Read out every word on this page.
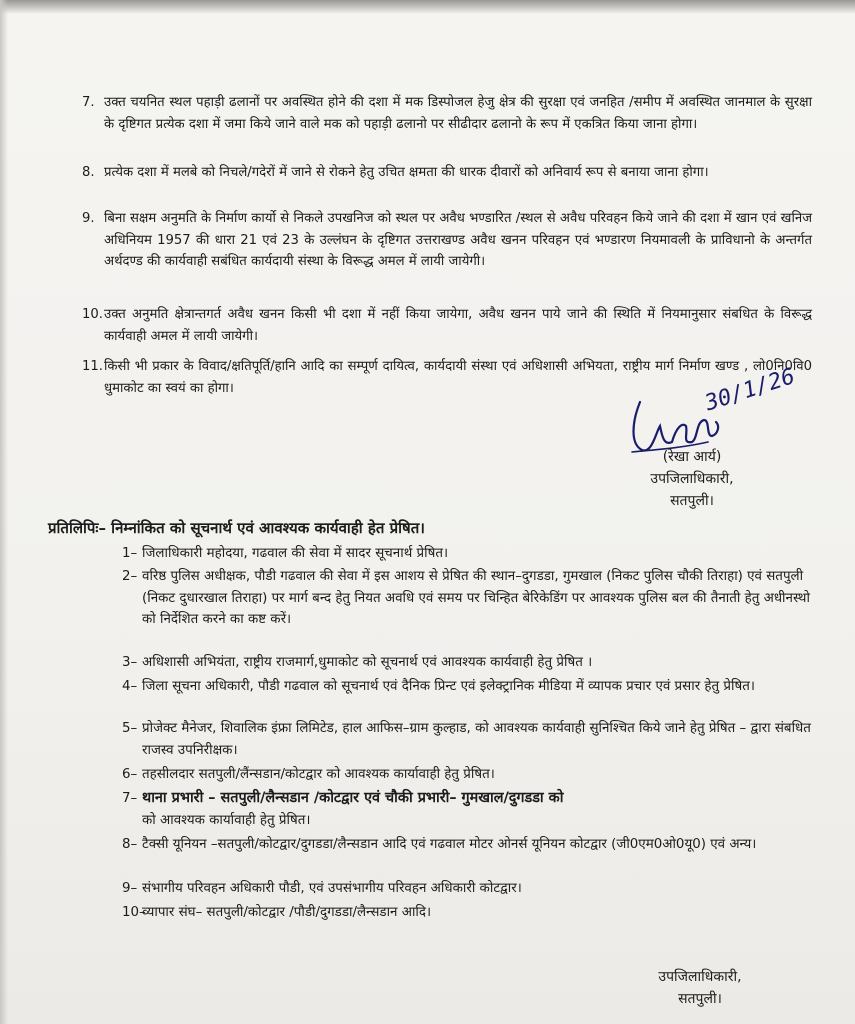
7. उक्त चयनित स्थल पहाड़ी ढलानों पर अवस्थित होने की दशा में मक डिस्पोजल हेजु क्षेत्र की सुरक्षा एवं जनहित /समीप में अवस्थित जानमाल के सुरक्षा के दृष्टिगत प्रत्येक दशा में जमा किये जाने वाले मक को पहाड़ी ढलानो पर सीढीदार ढलानो के रूप में एकत्रित किया जाना होगा।
8. प्रत्येक दशा में मलबे को निचले/गदेरों में जाने से रोकने हेतु उचित क्षमता की धारक दीवारों को अनिवार्य रूप से बनाया जाना होगा।
9. बिना सक्षम अनुमति के निर्माण कार्यो से निकले उपखनिज को स्थल पर अवैध भण्डारित /स्थल से अवैध परिवहन किये जाने की दशा में खान एवं खनिज अधिनियम 1957 की धारा 21 एवं 23 के उल्लंघन के दृष्टिगत उत्तराखण्ड अवैध खनन परिवहन एवं भण्डारण नियमावली के प्राविधानो के अन्तर्गत अर्थदण्ड की कार्यवाही सबंधित कार्यदायी संस्था के विरूद्ध अमल में लायी जायेगी।
10. उक्त अनुमति क्षेत्रान्तगर्त अवैध खनन किसी भी दशा में नहीं किया जायेगा, अवैध खनन पाये जाने की स्थिति में नियमानुसार संबधित के विरूद्ध कार्यवाही अमल में लायी जायेगी।
11. किसी भी प्रकार के विवाद/क्षतिपूर्ति/हानि आदि का सम्पूर्ण दायित्व, कार्यदायी संस्था एवं अधिशासी अभियता, राष्ट्रीय मार्ग निर्माण खण्ड , लो0नि0वि0 धुमाकोट का स्वयं का होगा।	30/1/26
(रेखा आर्य)
उपजिलाधिकारी,
सतपुली।
प्रतिलिपिः– निम्नांकित को सूचनार्थ एवं आवश्यक कार्यवाही हेत प्रेषित।
1– जिलाधिकारी महोदया, गढवाल की सेवा में सादर सूचनार्थ प्रेषित।
2– वरिष्ठ पुलिस अधीक्षक, पौडी गढवाल की सेवा में इस आशय से प्रेषित की स्थान–दुगडडा, गुमखाल (निकट पुलिस चौकी तिराहा) एवं सतपुली (निकट दुधारखाल तिराहा) पर मार्ग बन्द हेतु नियत अवधि एवं समय पर चिन्हित बेरिकेडिंग पर आवश्यक पुलिस बल की तैनाती हेतु अधीनस्थो को निर्देशित करने का कष्ट करें।
3– अधिशासी अभियंता, राष्ट्रीय राजमार्ग,धुमाकोट को सूचनार्थ एवं आवश्यक कार्यवाही हेतु प्रेषित ।
4– जिला सूचना अधिकारी, पौडी गढवाल को सूचनार्थ एवं दैनिक प्रिन्ट एवं इलेक्ट्रानिक मीडिया में व्यापक प्रचार एवं प्रसार हेतु प्रेषित।
5– प्रोजेक्ट मैनेजर, शिवालिक इंफ्रा लिमिटेड, हाल आफिस–ग्राम कुल्हाड, को आवश्यक कार्यवाही सुनिश्चित किये जाने हेतु प्रेषित – द्वारा संबधित राजस्व उपनिरीक्षक।
6– तहसीलदार सतपुली/लैंन्सडान/कोटद्वार को आवश्यक कार्यावाही हेतु प्रेषित।
7– थाना प्रभारी – सतपुली/लैन्सडान /कोटद्वार एवं चौकी प्रभारी– गुमखाल/दुगडडा को
को आवश्यक कार्यावाही हेतु प्रेषित।
8– टैक्सी यूनियन –सतपुली/कोटद्वार/दुगडडा/लैन्सडान आदि एवं गढवाल मोटर ओनर्स यूनियन कोटद्वार (जी0एम0ओ0यू0) एवं अन्य।
9– संभागीय परिवहन अधिकारी पौडी, एवं उपसंभागीय परिवहन अधिकारी कोटद्वार।
10–
व्यापार संघ– सतपुली/कोटद्वार /पौडी/दुगडडा/लैन्सडान आदि।
उपजिलाधिकारी,
सतपुली।
